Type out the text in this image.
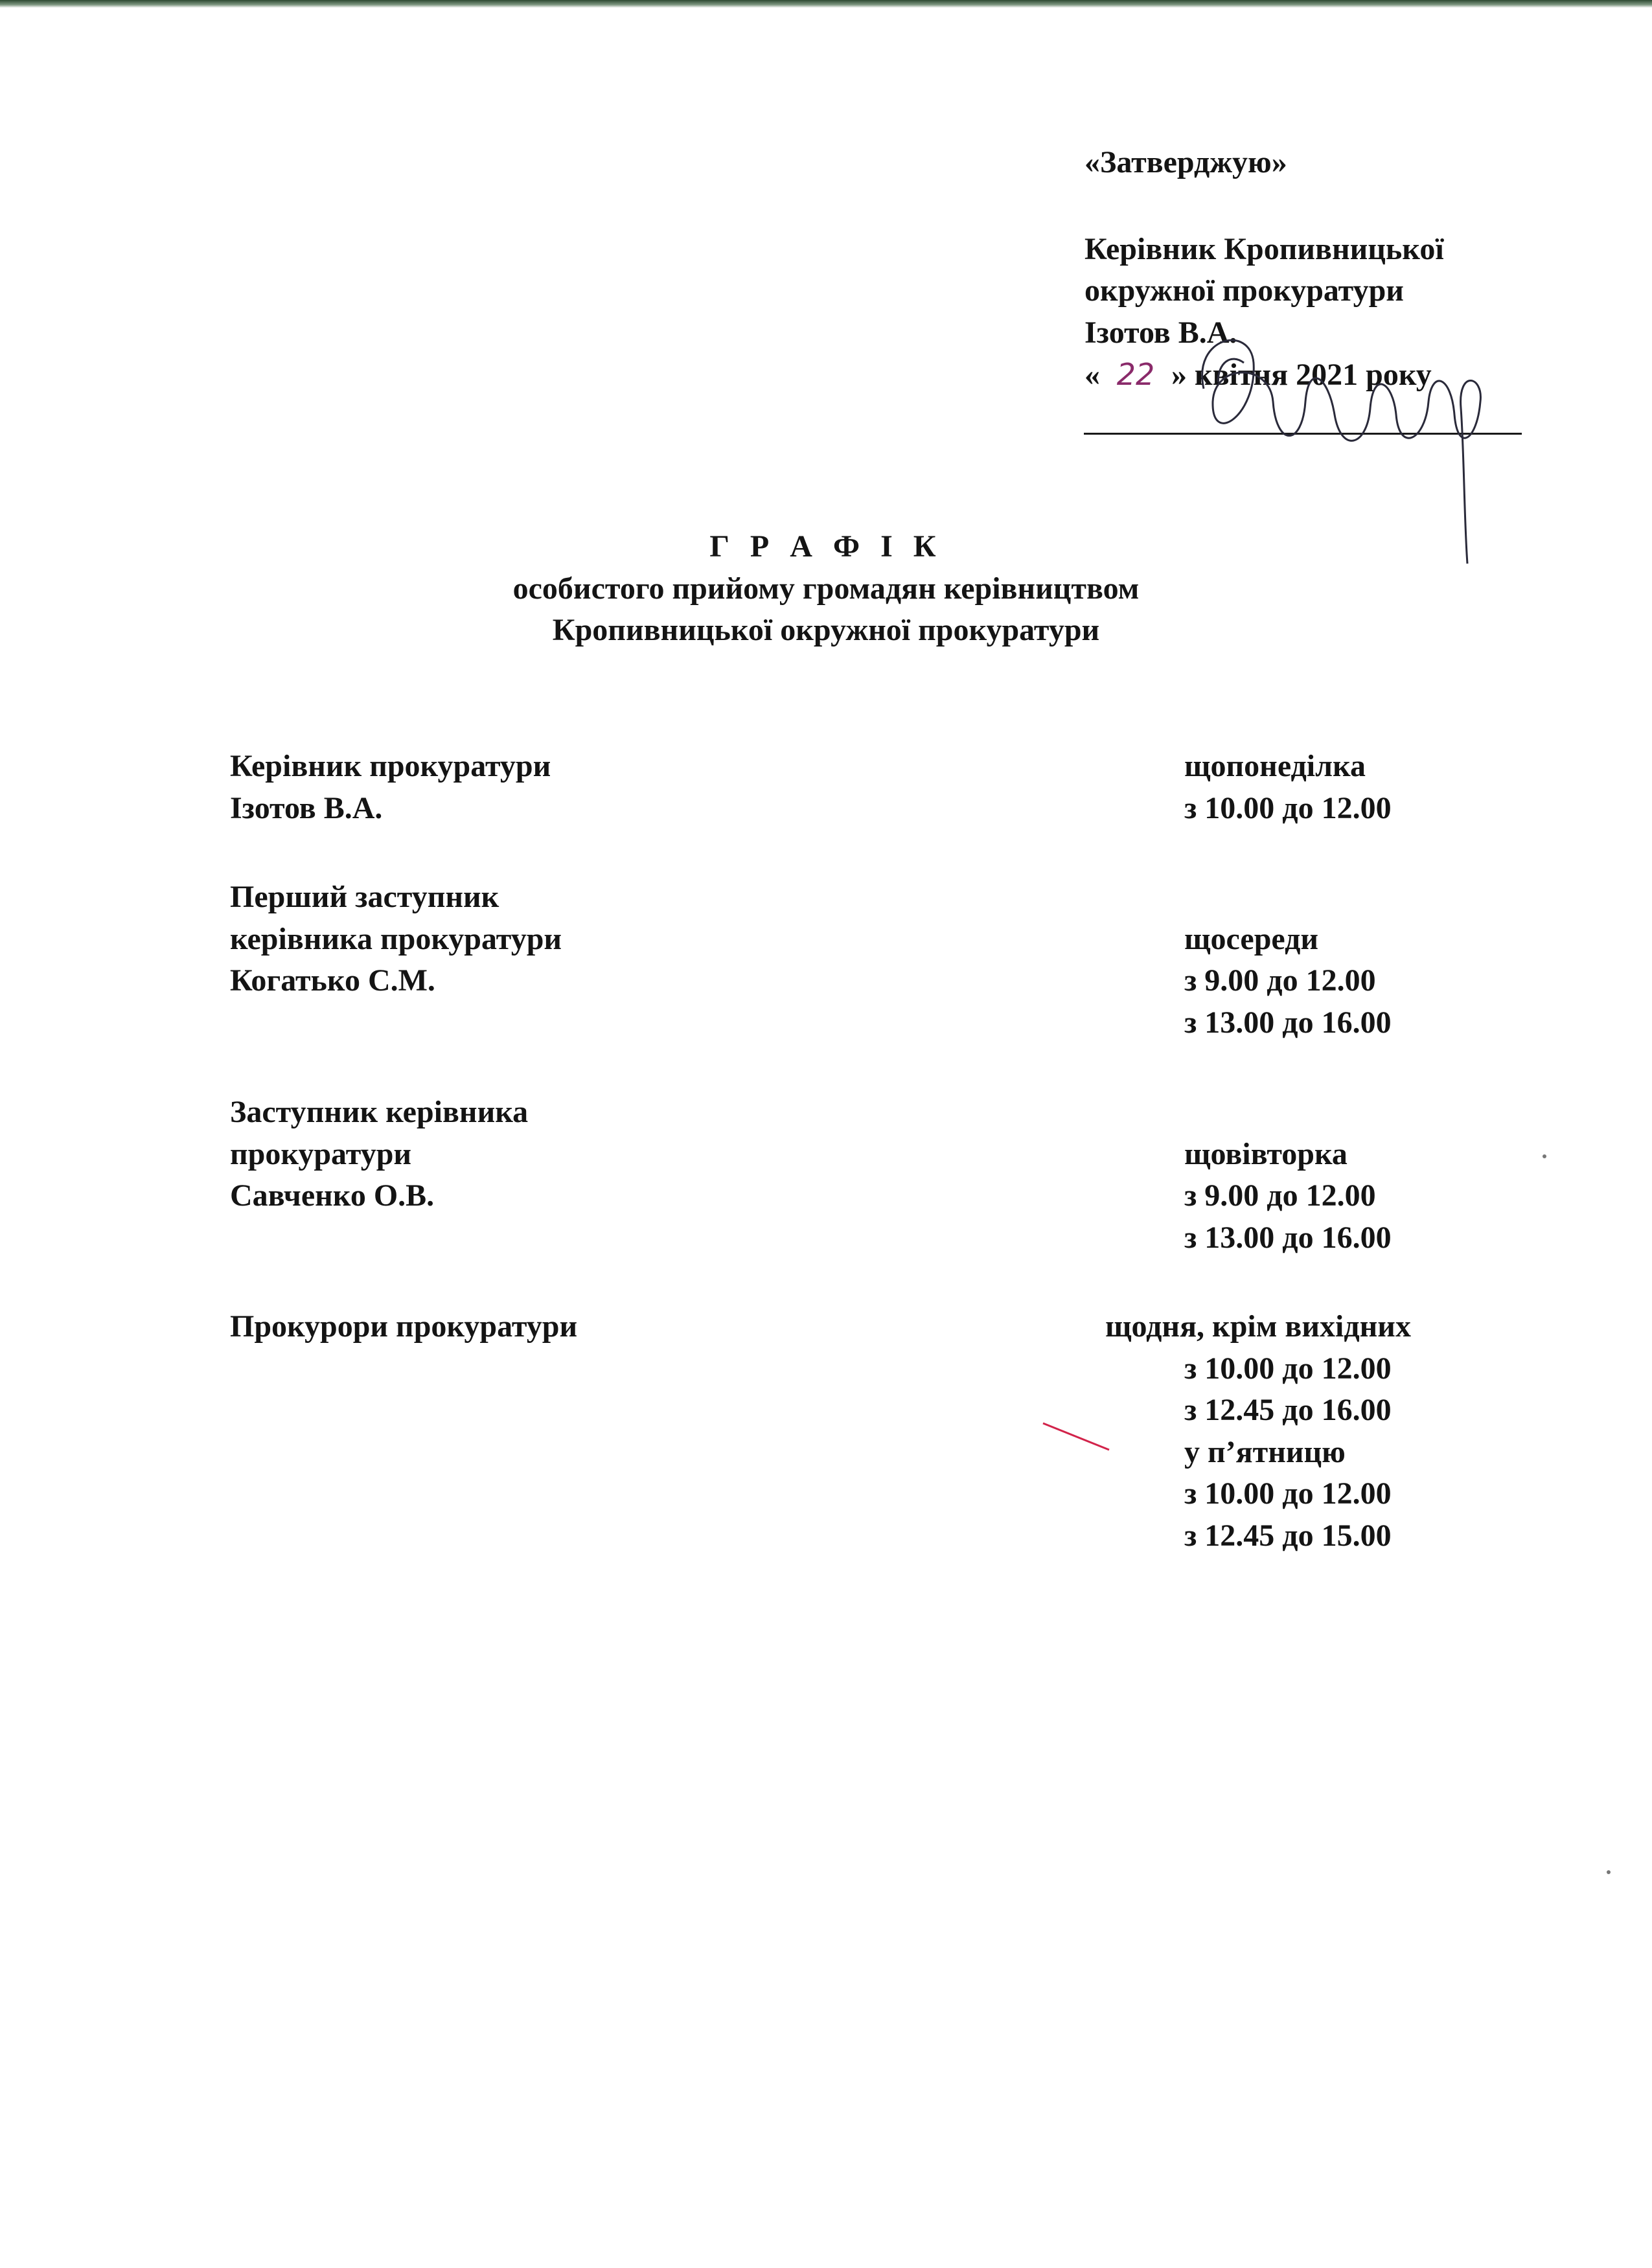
«Затверджую»
Керівник Кропивницької
окружної прокуратури
Ізотов В.А.
« 22 » квітня 2021 року
Г Р А Ф І К
особистого прийому громадян керівництвом
Кропивницької окружної прокуратури
Керівник прокуратури
Ізотов В.А.
щопонеділка
з 10.00 до 12.00
Перший заступник
керівника прокуратури
Когатько С.М.
щосереди
з 9.00 до 12.00
з 13.00 до 16.00
Заступник керівника
прокуратури
Савченко О.В.
щовівторка
з 9.00 до 12.00
з 13.00 до 16.00
Прокурори прокуратури	щодня, крім вихідних
з 10.00 до 12.00
з 12.45 до 16.00
у п’ятницю
з 10.00 до 12.00
з 12.45 до 15.00
